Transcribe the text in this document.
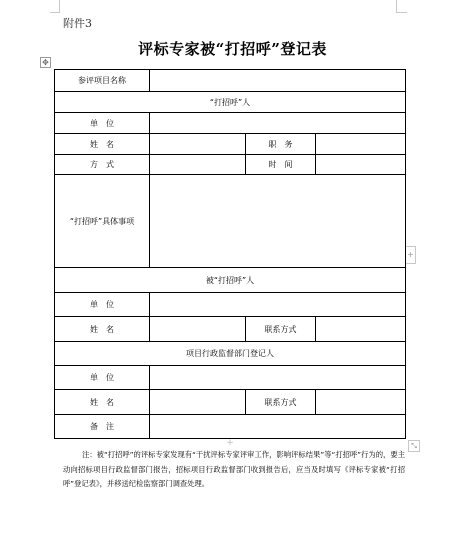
附件3
评标专家被“打招呼”登记表
✥
+
+	⤡
参评项目名称			
“打招呼”人			
单　位			
姓　名		职　务	
方　式		时　间	
“打招呼”具体事项			
被“打招呼”人			
单　位			
姓　名		联系方式	
项目行政监督部门登记人			
单　位			
姓　名		联系方式	
备　注			
注：被“打招呼”的评标专家发现有“干扰评标专家评审工作，影响评标结果”等“打招呼”行为的，要主动向招标项目行政监督部门报告，招标项目行政监督部门收到报告后，应当及时填写《评标专家被“打招呼”登记表》，并移送纪检监察部门调查处理。
